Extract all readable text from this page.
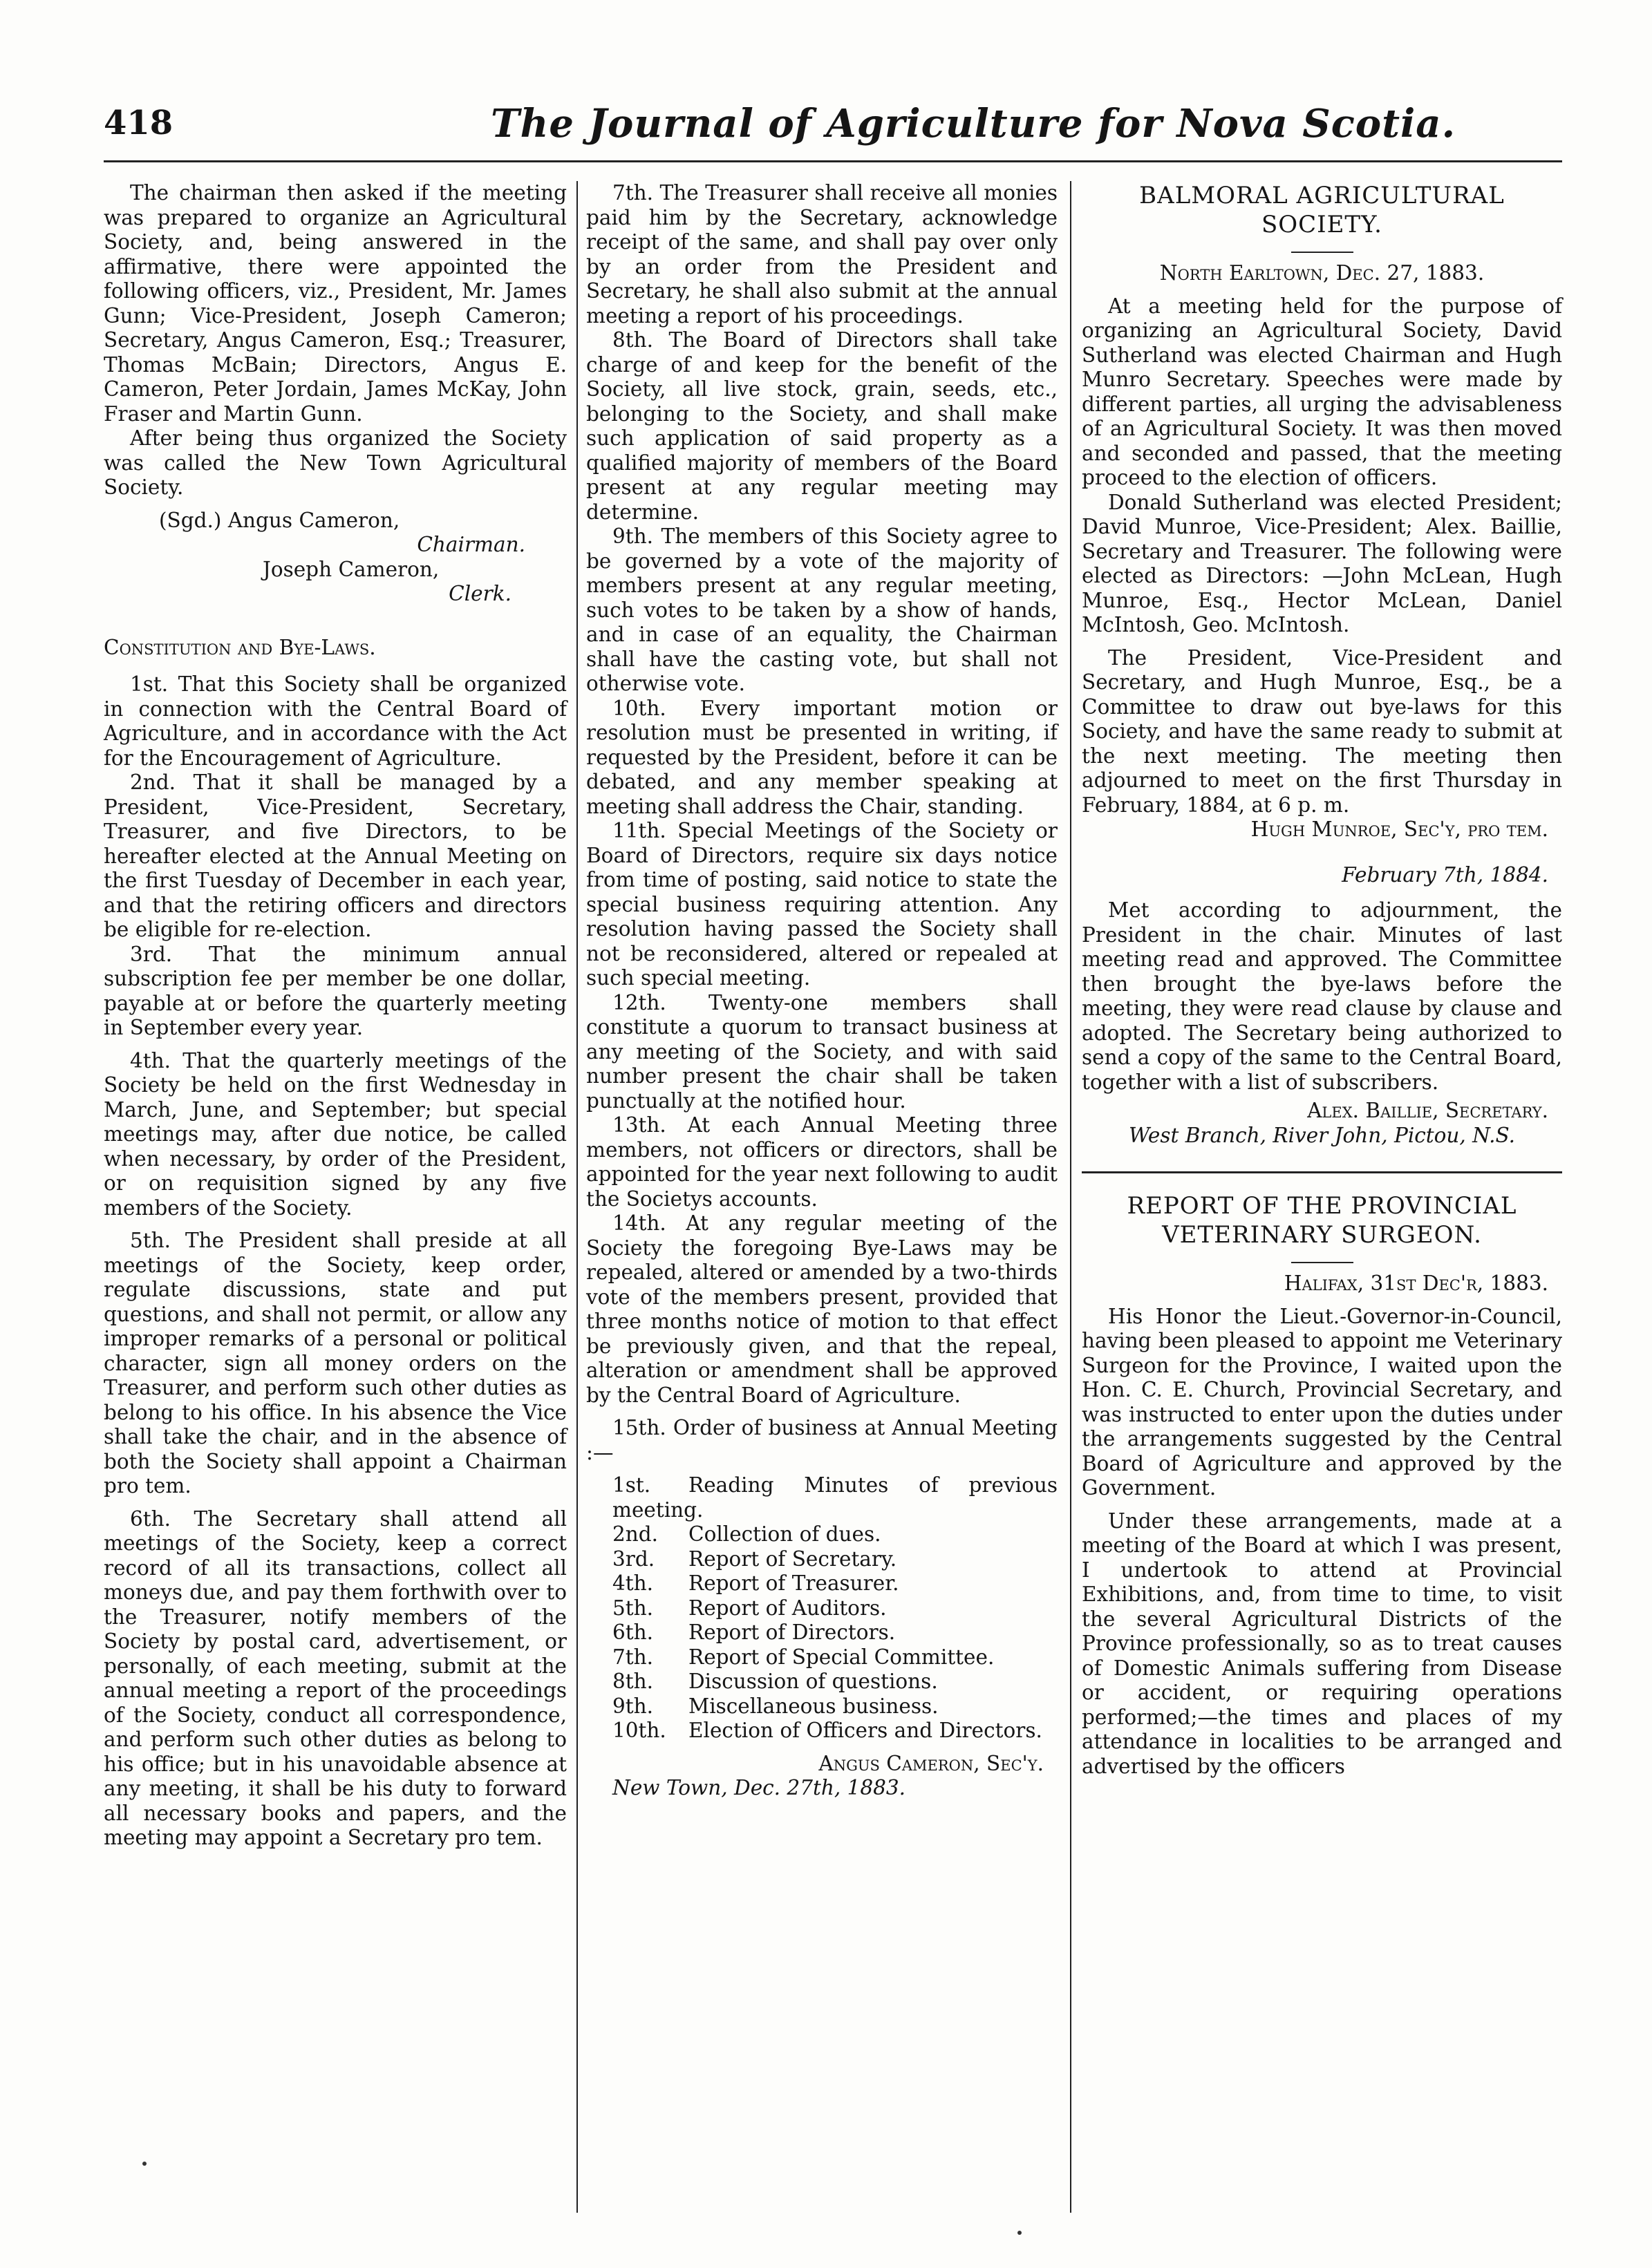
418	The Journal of Agriculture for Nova Scotia.

The chairman then asked if the meeting was prepared to organize an Agricultural Society, and, being answered in the affirmative, there were appointed the following officers, viz., President, Mr. James Gunn; Vice-President, Joseph Cameron; Secretary, Angus Cameron, Esq.; Treasurer, Thomas McBain; Directors, Angus E. Cameron, Peter Jordain, James McKay, John Fraser and Martin Gunn.

After being thus organized the Society was called the New Town Agricultural Society.

(Sgd.) Angus Cameron,

Chairman.

Joseph Cameron,

Clerk.

Constitution and Bye-Laws.

1st. That this Society shall be organized in connection with the Central Board of Agriculture, and in accordance with the Act for the Encouragement of Agriculture.

2nd. That it shall be managed by a President, Vice-President, Secretary, Treasurer, and five Directors, to be hereafter elected at the Annual Meeting on the first Tuesday of December in each year, and that the retiring officers and directors be eligible for re-election.

3rd. That the minimum annual subscription fee per member be one dollar, payable at or before the quarterly meeting in September every year.

4th. That the quarterly meetings of the Society be held on the first Wednesday in March, June, and September; but special meetings may, after due notice, be called when necessary, by order of the President, or on requisition signed by any five members of the Society.

5th. The President shall preside at all meetings of the Society, keep order, regulate discussions, state and put questions, and shall not permit, or allow any improper remarks of a personal or political character, sign all money orders on the Treasurer, and perform such other duties as belong to his office. In his absence the Vice shall take the chair, and in the absence of both the Society shall appoint a Chairman pro tem.

6th. The Secretary shall attend all meetings of the Society, keep a correct record of all its transactions, collect all moneys due, and pay them forthwith over to the Treasurer, notify members of the Society by postal card, advertisement, or personally, of each meeting, submit at the annual meeting a report of the proceedings of the Society, conduct all correspondence, and perform such other duties as belong to his office; but in his unavoidable absence at any meeting, it shall be his duty to forward all necessary books and papers, and the meeting may appoint a Secretary pro tem.

7th. The Treasurer shall receive all monies paid him by the Secretary, acknowledge receipt of the same, and shall pay over only by an order from the President and Secretary, he shall also submit at the annual meeting a report of his proceedings.

8th. The Board of Directors shall take charge of and keep for the benefit of the Society, all live stock, grain, seeds, etc., belonging to the Society, and shall make such application of said property as a qualified majority of members of the Board present at any regular meeting may determine.

9th. The members of this Society agree to be governed by a vote of the majority of members present at any regular meeting, such votes to be taken by a show of hands, and in case of an equality, the Chairman shall have the casting vote, but shall not otherwise vote.

10th. Every important motion or resolution must be presented in writing, if requested by the President, before it can be debated, and any member speaking at meeting shall address the Chair, standing.

11th. Special Meetings of the Society or Board of Directors, require six days notice from time of posting, said notice to state the special business requiring attention. Any resolution having passed the Society shall not be reconsidered, altered or repealed at such special meeting.

12th. Twenty-one members shall constitute a quorum to transact business at any meeting of the Society, and with said number present the chair shall be taken punctually at the notified hour.

13th. At each Annual Meeting three members, not officers or directors, shall be appointed for the year next following to audit the Societys accounts.

14th. At any regular meeting of the Society the foregoing Bye-Laws may be repealed, altered or amended by a two-thirds vote of the members present, provided that three months notice of motion to that effect be previously given, and that the repeal, alteration or amendment shall be approved by the Central Board of Agriculture.

15th. Order of business at Annual Meeting :—

1st. Reading Minutes of previous meeting.

2nd. Collection of dues.

3rd. Report of Secretary.

4th. Report of Treasurer.

5th. Report of Auditors.

6th. Report of Directors.

7th. Report of Special Committee.

8th. Discussion of questions.

9th. Miscellaneous business.

10th. Election of Officers and Directors.

Angus Cameron, Sec'y.

New Town, Dec. 27th, 1883.

BALMORAL AGRICULTURAL SOCIETY.

North Earltown, Dec. 27, 1883.

At a meeting held for the purpose of organizing an Agricultural Society, David Sutherland was elected Chairman and Hugh Munro Secretary. Speeches were made by different parties, all urging the advisableness of an Agricultural Society. It was then moved and seconded and passed, that the meeting proceed to the election of officers.

Donald Sutherland was elected President; David Munroe, Vice-President; Alex. Baillie, Secretary and Treasurer. The following were elected as Directors: —John McLean, Hugh Munroe, Esq., Hector McLean, Daniel McIntosh, Geo. McIntosh.

The President, Vice-President and Secretary, and Hugh Munroe, Esq., be a Committee to draw out bye-laws for this Society, and have the same ready to submit at the next meeting. The meeting then adjourned to meet on the first Thursday in February, 1884, at 6 p. m.

Hugh Munroe, Sec'y, pro tem.

February 7th, 1884.

Met according to adjournment, the President in the chair. Minutes of last meeting read and approved. The Committee then brought the bye-laws before the meeting, they were read clause by clause and adopted. The Secretary being authorized to send a copy of the same to the Central Board, together with a list of subscribers.

Alex. Baillie, Secretary.

West Branch, River John, Pictou, N.S.

REPORT OF THE PROVINCIAL VETERINARY SURGEON.

Halifax, 31st Dec'r, 1883.

His Honor the Lieut.-Governor-in-Council, having been pleased to appoint me Veterinary Surgeon for the Province, I waited upon the Hon. C. E. Church, Provincial Secretary, and was instructed to enter upon the duties under the arrangements suggested by the Central Board of Agriculture and approved by the Government.

Under these arrangements, made at a meeting of the Board at which I was present, I undertook to attend at Provincial Exhibitions, and, from time to time, to visit the several Agricultural Districts of the Province professionally, so as to treat causes of Domestic Animals suffering from Disease or accident, or requiring operations performed;—the times and places of my attendance in localities to be arranged and advertised by the officers
